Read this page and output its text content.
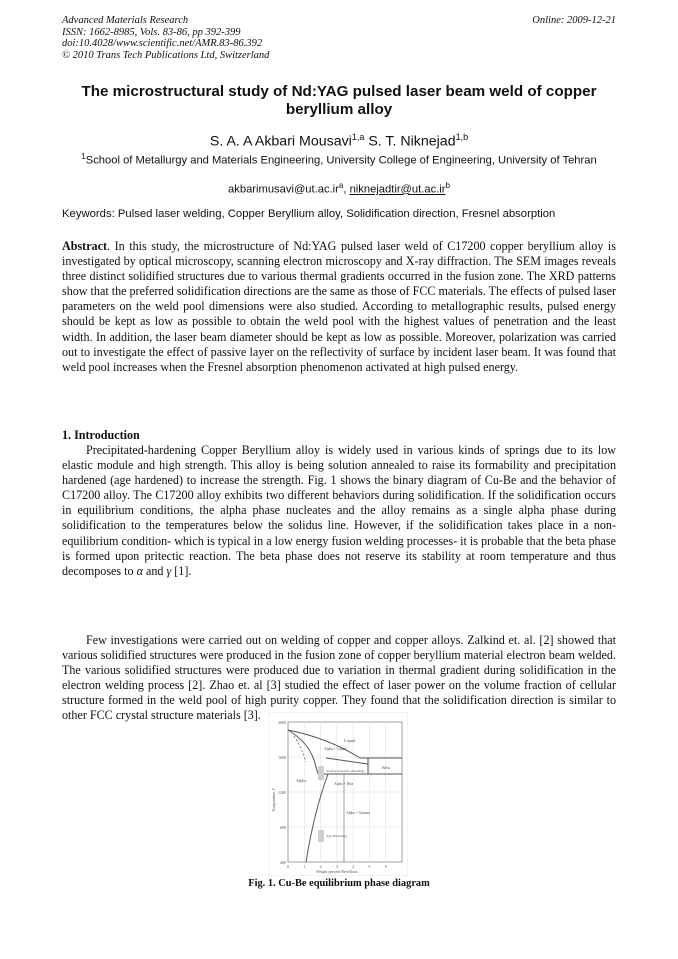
Advanced Materials Research
ISSN: 1662-8985, Vols. 83-86, pp 392-399
doi:10.4028/www.scientific.net/AMR.83-86.392
© 2010 Trans Tech Publications Ltd, Switzerland
Online: 2009-12-21
The microstructural study of Nd:YAG pulsed laser beam weld of copper beryllium alloy
S. A. A Akbari Mousavi$^{1,a}$ S. T. Niknejad$^{1,b}$
$^1$School of Metallurgy and Materials Engineering, University College of Engineering, University of Tehran
$akbarimusavi@ut.ac.ir^a$, $niknejadtir@ut.ac.ir^b$
Keywords: Pulsed laser welding, Copper Beryllium alloy, Solidification direction, Fresnel absorption
Abstract. In this study, the microstructure of Nd:YAG pulsed laser weld of C17200 copper beryllium alloy is investigated by optical microscopy, scanning electron microscopy and X-ray diffraction. The SEM images reveals three distinct solidified structures due to various thermal gradients occurred in the fusion zone. The XRD patterns show that the preferred solidification directions are the same as those of FCC materials. The effects of pulsed laser parameters on the weld pool dimensions were also studied. According to metallographic results, pulsed energy should be kept as low as possible to obtain the weld pool with the highest values of penetration and the least width. In addition, the laser beam diameter should be kept as low as possible. Moreover, polarization was carried out to investigate the effect of passive layer on the reflectivity of surface by incident laser beam. It was found that weld pool increases when the Fresnel absorption phenomenon activated at high pulsed energy.
1. Introduction
Precipitated-hardening Copper Beryllium alloy is widely used in various kinds of springs due to its low elastic module and high strength. This alloy is being solution annealed to raise its formability and precipitation hardened (age hardened) to increase the strength. Fig. 1 shows the binary diagram of Cu-Be and the behavior of C17200 alloy. The C17200 alloy exhibits two different behaviors during solidification. If the solidification occurs in equilibrium conditions, the alpha phase nucleates and the alloy remains as a single alpha phase during solidification to the temperatures below the solidus line. However, if the solidification takes place in a non-equilibrium condition- which is typical in a low energy fusion welding processes- it is probable that the beta phase is formed upon pritectic reaction. The beta phase does not reserve its stability at room temperature and thus decomposes to α and γ [1].
Few investigations were carried out on welding of copper and copper alloys. Zalkind et. al. [2] showed that various solidified structures were produced in the fusion zone of copper beryllium material electron beam welded. The various solidified structures were produced due to variation in thermal gradient during solidification in the electron welding process [2]. Zhao et. al [3] studied the effect of laser power on the volume fraction of cellular structure formed in the weld pool of high purity copper. They found that the solidification direction is similar to other FCC crystal structure materials [3].
2000
1600
1200
800
400
0	1	2	3	4	5	6
Weight percent Beryllium
Temperature, F
Liquid
Alpha + Liquid
Alpha
Solution Treatment (Annealing)
Beta
Alpha + Beta
Alpha + Gamma
Age Hardening
Fig. 1. Cu-Be equilibrium phase diagram
